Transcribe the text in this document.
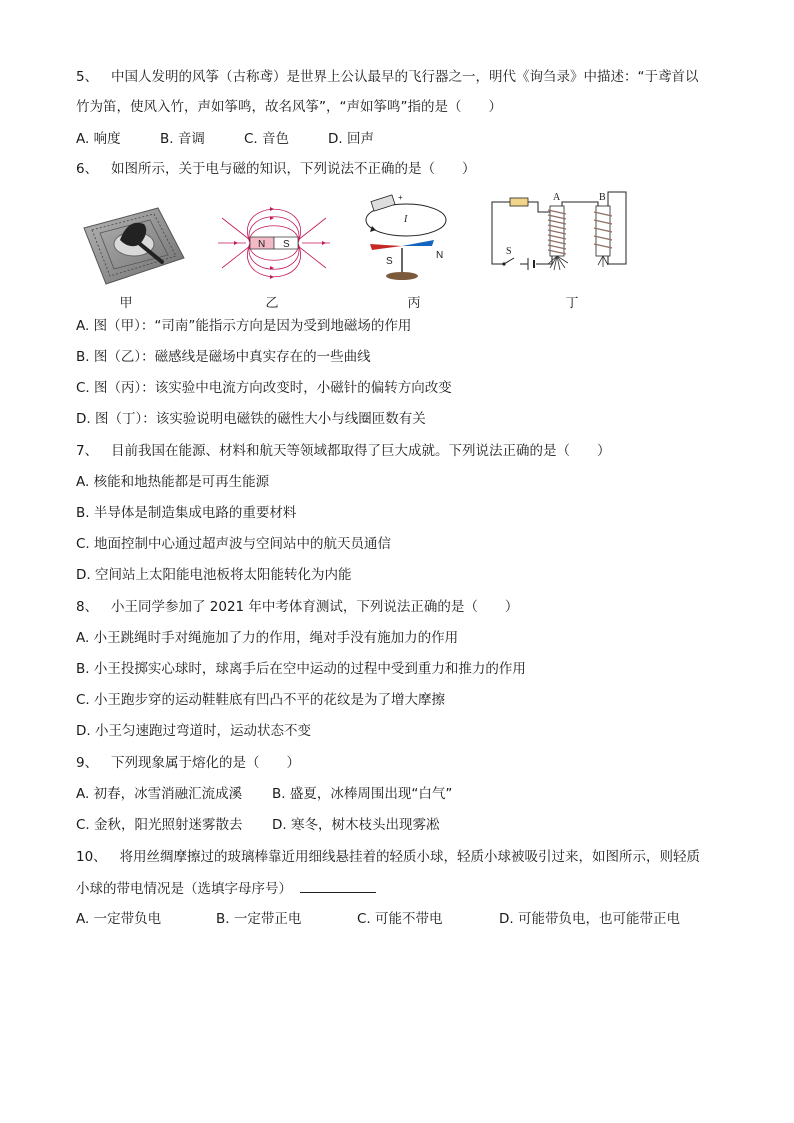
5、 中国人发明的风筝（古称鸢）是世界上公认最早的飞行器之一，明代《询刍录》中描述：“于鸢首以
竹为笛，使风入竹，声如筝鸣，故名风筝”，“声如筝鸣”指的是（　　）
A. 响度	B. 音调	C. 音色	D. 回声
6、 如图所示，关于电与磁的知识，下列说法不正确的是（　　）
甲
N S
乙
+
I
S
N
丙
A	B
S
丁
A. 图（甲）：“司南”能指示方向是因为受到地磁场的作用
B. 图（乙）：磁感线是磁场中真实存在的一些曲线
C. 图（丙）：该实验中电流方向改变时，小磁针的偏转方向改变
D. 图（丁）：该实验说明电磁铁的磁性大小与线圈匝数有关
7、 目前我国在能源、材料和航天等领域都取得了巨大成就。下列说法正确的是（　　）
A. 核能和地热能都是可再生能源
B. 半导体是制造集成电路的重要材料
C. 地面控制中心通过超声波与空间站中的航天员通信
D. 空间站上太阳能电池板将太阳能转化为内能
8、 小王同学参加了 2021 年中考体育测试，下列说法正确的是（　　）
A. 小王跳绳时手对绳施加了力的作用，绳对手没有施加力的作用
B. 小王投掷实心球时，球离手后在空中运动的过程中受到重力和推力的作用
C. 小王跑步穿的运动鞋鞋底有凹凸不平的花纹是为了增大摩擦
D. 小王匀速跑过弯道时，运动状态不变
9、 下列现象属于熔化的是（　　）
A. 初春，冰雪消融汇流成溪 B. 盛夏，冰棒周围出现“白气”
C. 金秋，阳光照射迷雾散去 D. 寒冬，树木枝头出现雾凇
10、 将用丝绸摩擦过的玻璃棒靠近用细线悬挂着的轻质小球，轻质小球被吸引过来，如图所示，则轻质
小球的带电情况是（选填字母序号）
A. 一定带负电	B. 一定带正电	C. 可能不带电	D. 可能带负电，也可能带正电
